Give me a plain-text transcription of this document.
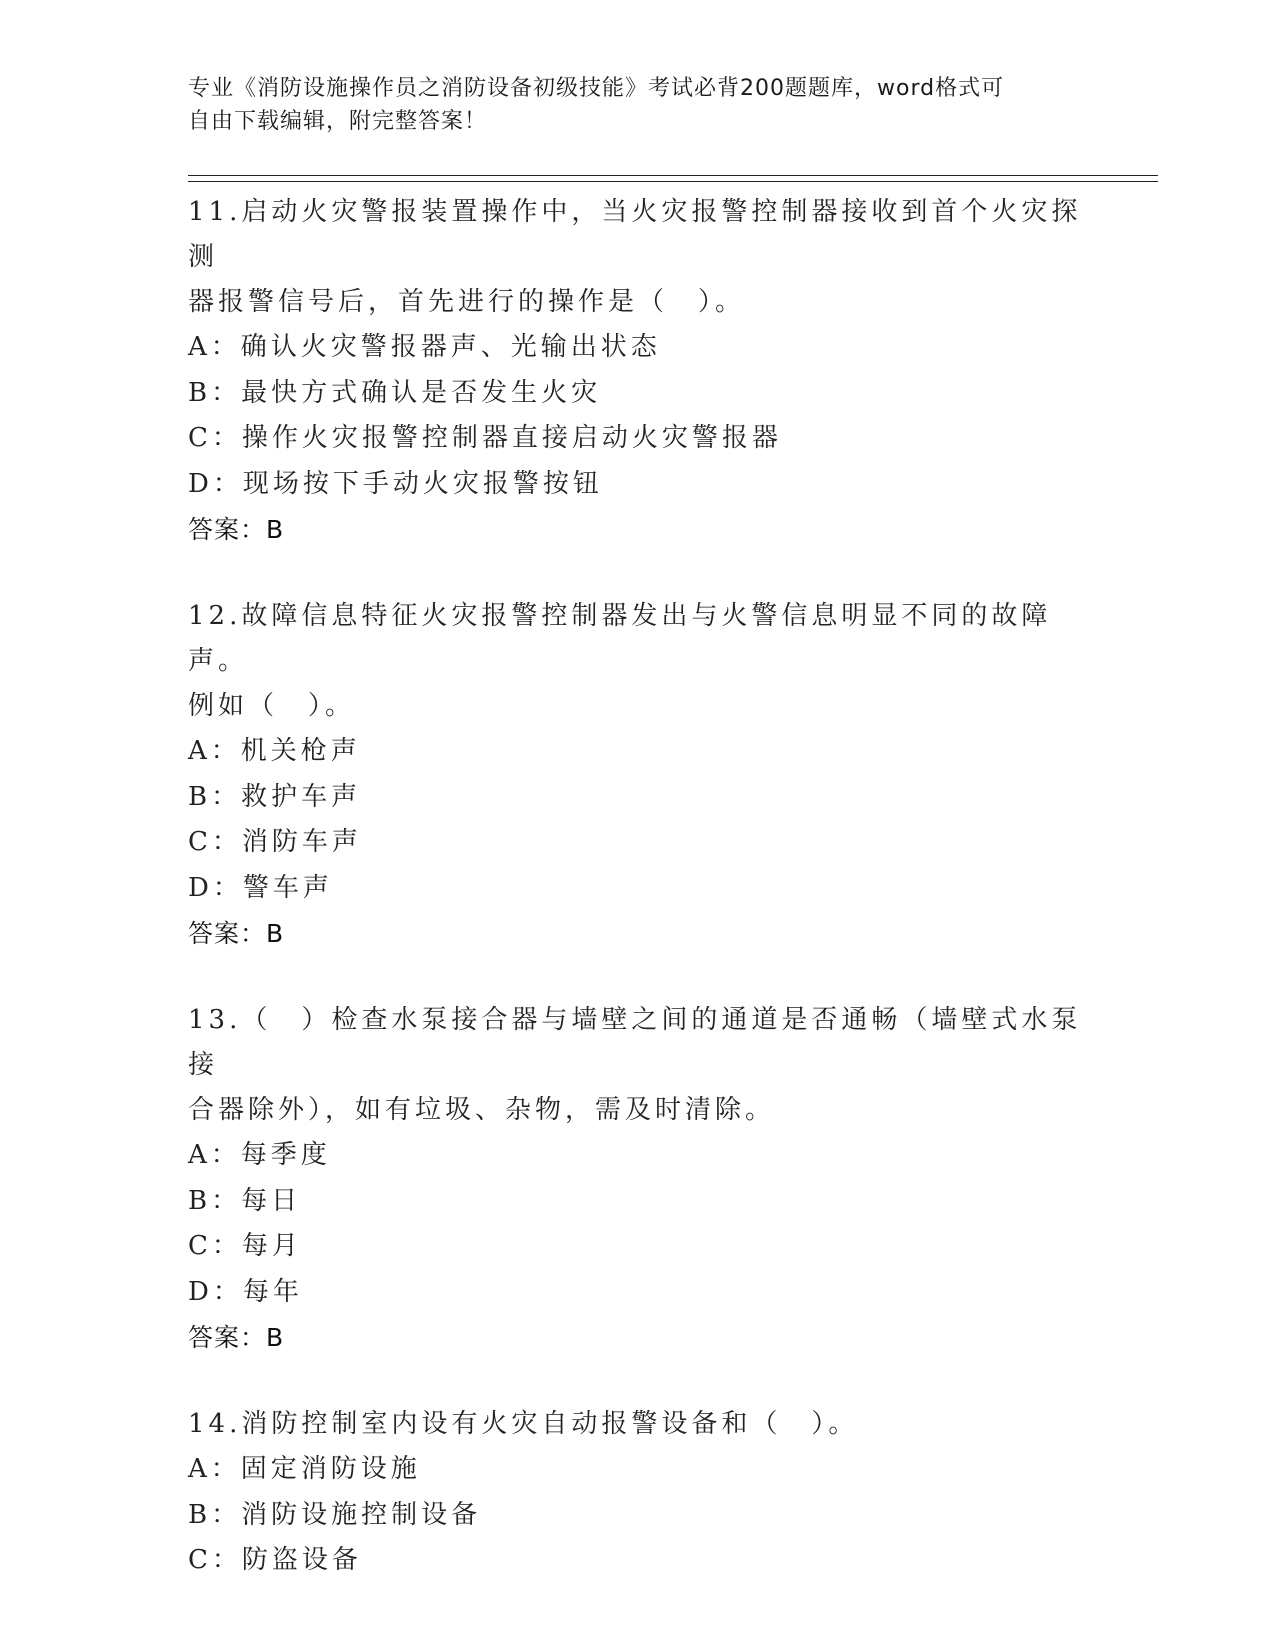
专业《消防设施操作员之消防设备初级技能》考试必背200题题库，word格式可
自由下载编辑，附完整答案！
11.启动火灾警报装置操作中，当火灾报警控制器接收到首个火灾探测
器报警信号后，首先进行的操作是（　）。
A：确认火灾警报器声、光输出状态
B：最快方式确认是否发生火灾
C：操作火灾报警控制器直接启动火灾警报器
D：现场按下手动火灾报警按钮
答案：B
12.故障信息特征火灾报警控制器发出与火警信息明显不同的故障声。
例如（　）。
A：机关枪声
B：救护车声
C：消防车声
D：警车声
答案：B
13.（　）检查水泵接合器与墙壁之间的通道是否通畅（墙壁式水泵接
合器除外），如有垃圾、杂物，需及时清除。
A：每季度
B：每日
C：每月
D：每年
答案：B
14.消防控制室内设有火灾自动报警设备和（　）。
A：固定消防设施
B：消防设施控制设备
C：防盗设备
